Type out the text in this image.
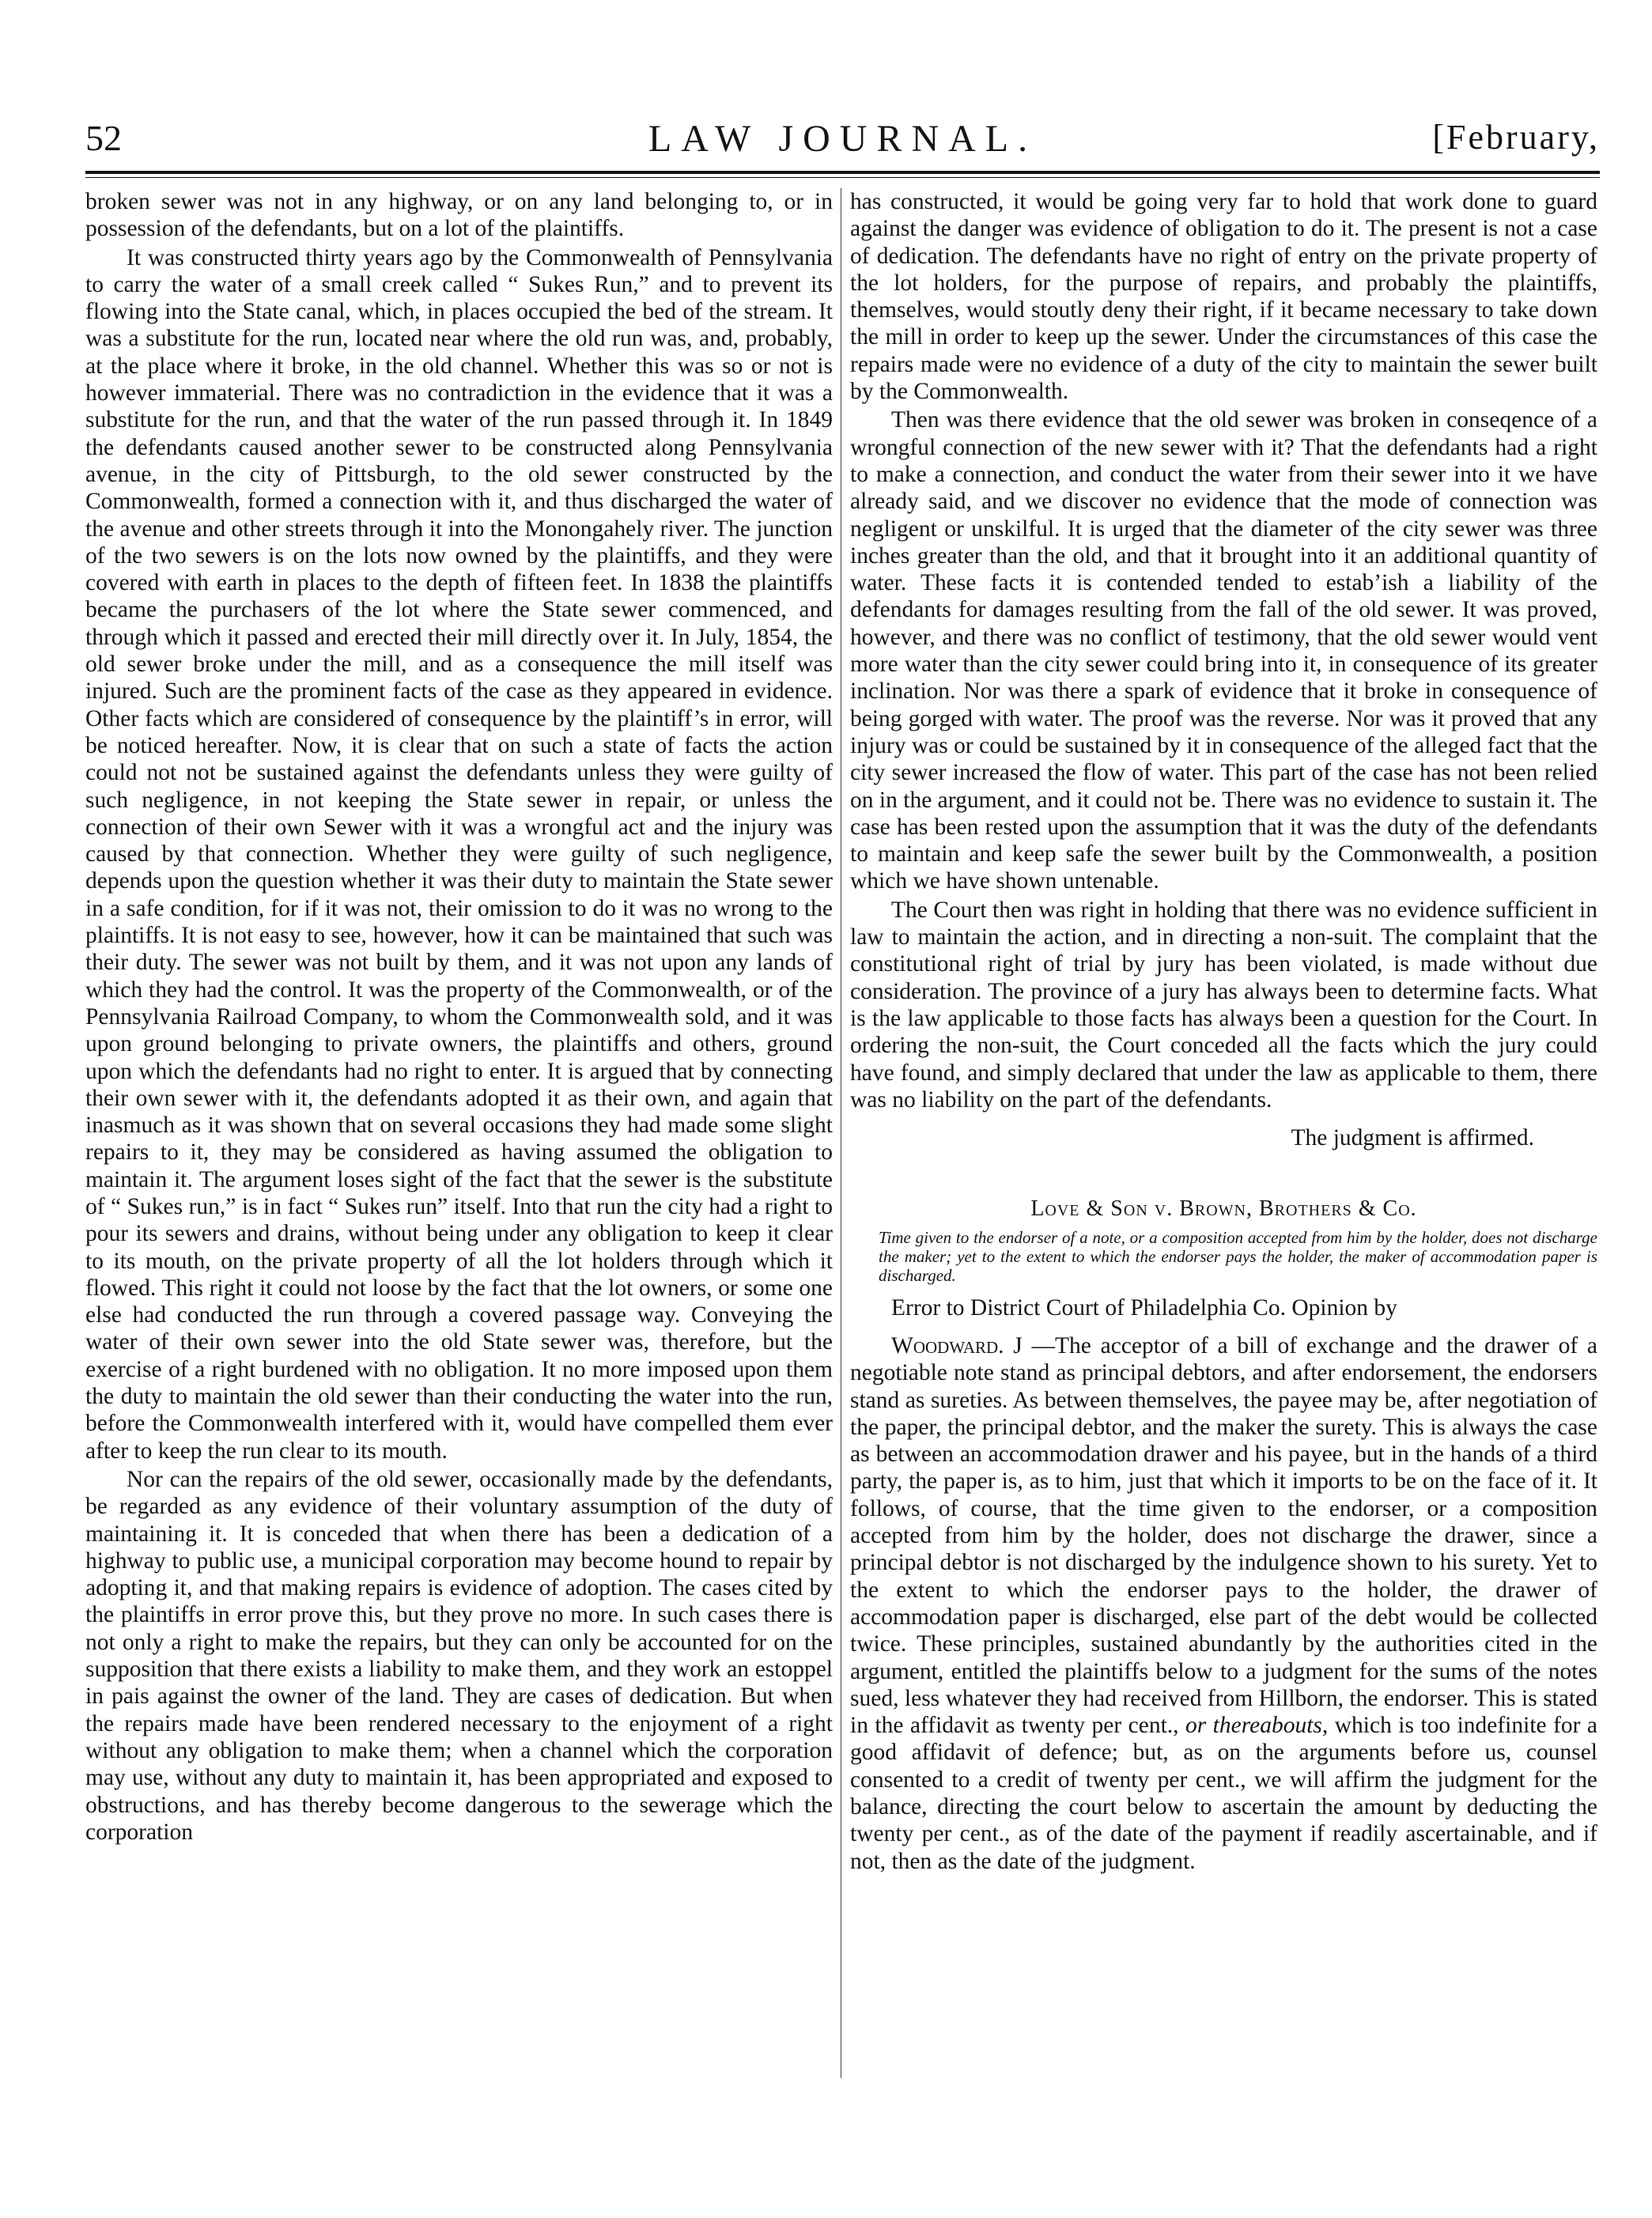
52	LAW JOURNAL.	[February,

broken sewer was not in any highway, or on any land belonging to, or in possession of the defendants, but on a lot of the plaintiffs.

It was constructed thirty years ago by the Commonwealth of Pennsylvania to carry the water of a small creek called “ Sukes Run,” and to prevent its flowing into the State canal, which, in places occupied the bed of the stream. It was a substitute for the run, located near where the old run was, and, probably, at the place where it broke, in the old channel. Whether this was so or not is however immaterial. There was no contradiction in the evidence that it was a substitute for the run, and that the water of the run passed through it. In 1849 the defendants caused another sewer to be constructed along Pennsylvania avenue, in the city of Pittsburgh, to the old sewer constructed by the Commonwealth, formed a connection with it, and thus discharged the water of the avenue and other streets through it into the Monongahely river. The junction of the two sewers is on the lots now owned by the plaintiffs, and they were covered with earth in places to the depth of fifteen feet. In 1838 the plaintiffs became the purchasers of the lot where the State sewer commenced, and through which it passed and erected their mill directly over it. In July, 1854, the old sewer broke under the mill, and as a consequence the mill itself was injured. Such are the prominent facts of the case as they appeared in evidence. Other facts which are considered of consequence by the plaintiff’s in error, will be noticed hereafter. Now, it is clear that on such a state of facts the action could not not be sustained against the defendants unless they were guilty of such negligence, in not keeping the State sewer in repair, or unless the connection of their own Sewer with it was a wrongful act and the injury was caused by that connection. Whether they were guilty of such negligence, depends upon the question whether it was their duty to maintain the State sewer in a safe condition, for if it was not, their omission to do it was no wrong to the plaintiffs. It is not easy to see, however, how it can be maintained that such was their duty. The sewer was not built by them, and it was not upon any lands of which they had the control. It was the property of the Commonwealth, or of the Pennsylvania Railroad Company, to whom the Commonwealth sold, and it was upon ground belonging to private owners, the plaintiffs and others, ground upon which the defendants had no right to enter. It is argued that by connecting their own sewer with it, the defendants adopted it as their own, and again that inasmuch as it was shown that on several occasions they had made some slight repairs to it, they may be considered as having assumed the obligation to maintain it. The argument loses sight of the fact that the sewer is the substitute of “ Sukes run,” is in fact “ Sukes run” itself. Into that run the city had a right to pour its sewers and drains, without being under any obligation to keep it clear to its mouth, on the private property of all the lot holders through which it flowed. This right it could not loose by the fact that the lot owners, or some one else had conducted the run through a covered passage way. Conveying the water of their own sewer into the old State sewer was, therefore, but the exercise of a right burdened with no obligation. It no more imposed upon them the duty to maintain the old sewer than their conducting the water into the run, before the Commonwealth interfered with it, would have compelled them ever after to keep the run clear to its mouth.

Nor can the repairs of the old sewer, occasionally made by the defendants, be regarded as any evidence of their voluntary assumption of the duty of maintaining it. It is conceded that when there has been a dedication of a highway to public use, a municipal corporation may become hound to repair by adopting it, and that making repairs is evidence of adoption. The cases cited by the plaintiffs in error prove this, but they prove no more. In such cases there is not only a right to make the repairs, but they can only be accounted for on the supposition that there exists a liability to make them, and they work an estoppel in pais against the owner of the land. They are cases of dedication. But when the repairs made have been rendered necessary to the enjoyment of a right without any obligation to make them; when a channel which the corporation may use, without any duty to maintain it, has been appropriated and exposed to obstructions, and has thereby become dangerous to the sewerage which the corporation

has constructed, it would be going very far to hold that work done to guard against the danger was evidence of obligation to do it. The present is not a case of dedication. The defendants have no right of entry on the private property of the lot holders, for the purpose of repairs, and probably the plaintiffs, themselves, would stoutly deny their right, if it became necessary to take down the mill in order to keep up the sewer. Under the circumstances of this case the repairs made were no evidence of a duty of the city to maintain the sewer built by the Commonwealth.

Then was there evidence that the old sewer was broken in conseqence of a wrongful connection of the new sewer with it? That the defendants had a right to make a connection, and conduct the water from their sewer into it we have already said, and we discover no evidence that the mode of connection was negligent or unskilful. It is urged that the diameter of the city sewer was three inches greater than the old, and that it brought into it an additional quantity of water. These facts it is contended tended to estab’ish a liability of the defendants for damages resulting from the fall of the old sewer. It was proved, however, and there was no conflict of testimony, that the old sewer would vent more water than the city sewer could bring into it, in consequence of its greater inclination. Nor was there a spark of evidence that it broke in consequence of being gorged with water. The proof was the reverse. Nor was it proved that any injury was or could be sustained by it in consequence of the alleged fact that the city sewer increased the flow of water. This part of the case has not been relied on in the argument, and it could not be. There was no evidence to sustain it. The case has been rested upon the assumption that it was the duty of the defendants to maintain and keep safe the sewer built by the Commonwealth, a position which we have shown untenable.

The Court then was right in holding that there was no evidence sufficient in law to maintain the action, and in directing a non-suit. The complaint that the constitutional right of trial by jury has been violated, is made without due consideration. The province of a jury has always been to determine facts. What is the law applicable to those facts has always been a question for the Court. In ordering the non-suit, the Court conceded all the facts which the jury could have found, and simply declared that under the law as applicable to them, there was no liability on the part of the defendants.

The judgment is affirmed.

Love & Son v. Brown, Brothers & Co.

Time given to the endorser of a note, or a composition accepted from him by the holder, does not discharge the maker; yet to the extent to which the endorser pays the holder, the maker of accommodation paper is discharged.

Error to District Court of Philadelphia Co. Opinion by

Woodward. J —The acceptor of a bill of exchange and the drawer of a negotiable note stand as principal debtors, and after endorsement, the endorsers stand as sureties. As between themselves, the payee may be, after negotiation of the paper, the principal debtor, and the maker the surety. This is always the case as between an accommodation drawer and his payee, but in the hands of a third party, the paper is, as to him, just that which it imports to be on the face of it. It follows, of course, that the time given to the endorser, or a composition accepted from him by the holder, does not discharge the drawer, since a principal debtor is not discharged by the indulgence shown to his surety. Yet to the extent to which the endorser pays to the holder, the drawer of accommodation paper is discharged, else part of the debt would be collected twice. These principles, sustained abundantly by the authorities cited in the argument, entitled the plaintiffs below to a judgment for the sums of the notes sued, less whatever they had received from Hillborn, the endorser. This is stated in the affidavit as twenty per cent., or thereabouts, which is too indefinite for a good affidavit of defence; but, as on the arguments before us, counsel consented to a credit of twenty per cent., we will affirm the judgment for the balance, directing the court below to ascertain the amount by deducting the twenty per cent., as of the date of the payment if readily ascertainable, and if not, then as the date of the judgment.
